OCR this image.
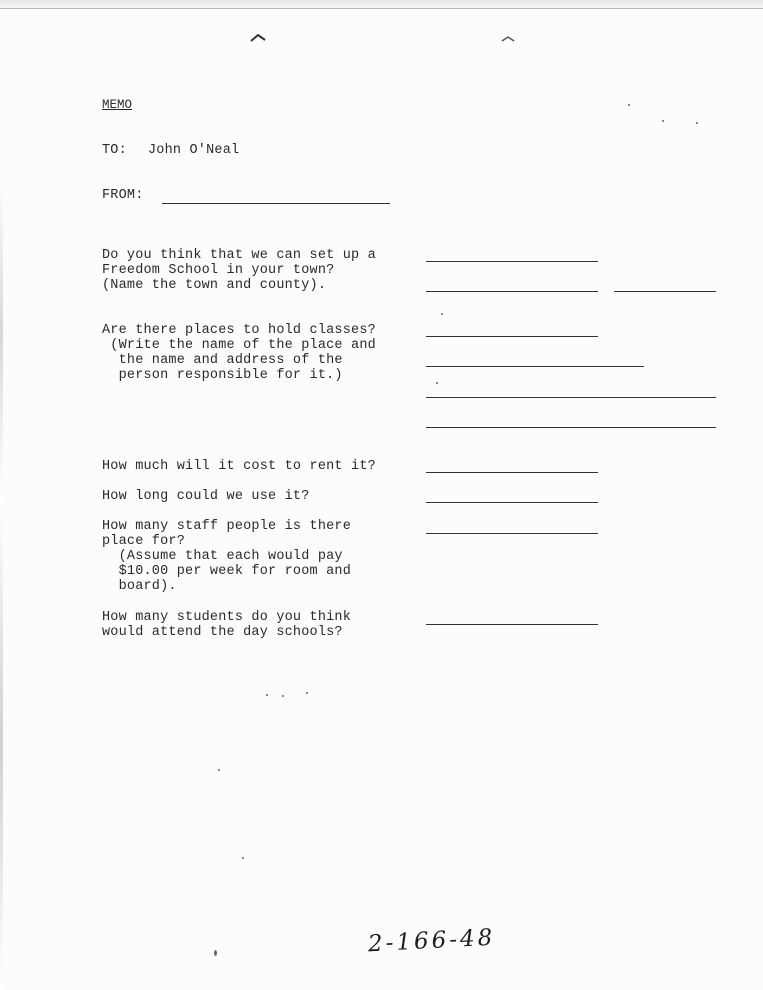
MEMO
TO: John O'Neal
FROM:
Do you think that we can set up a
Freedom School in your town?
(Name the town and county).
Are there places to hold classes?
(Write the name of the place and
the name and address of the
person responsible for it.)
How much will it cost to rent it?
How long could we use it?
How many staff people is there
place for?
(Assume that each would pay
$10.00 per week for room and
board).
How many students do you think
would attend the day schools?
2-166-48
